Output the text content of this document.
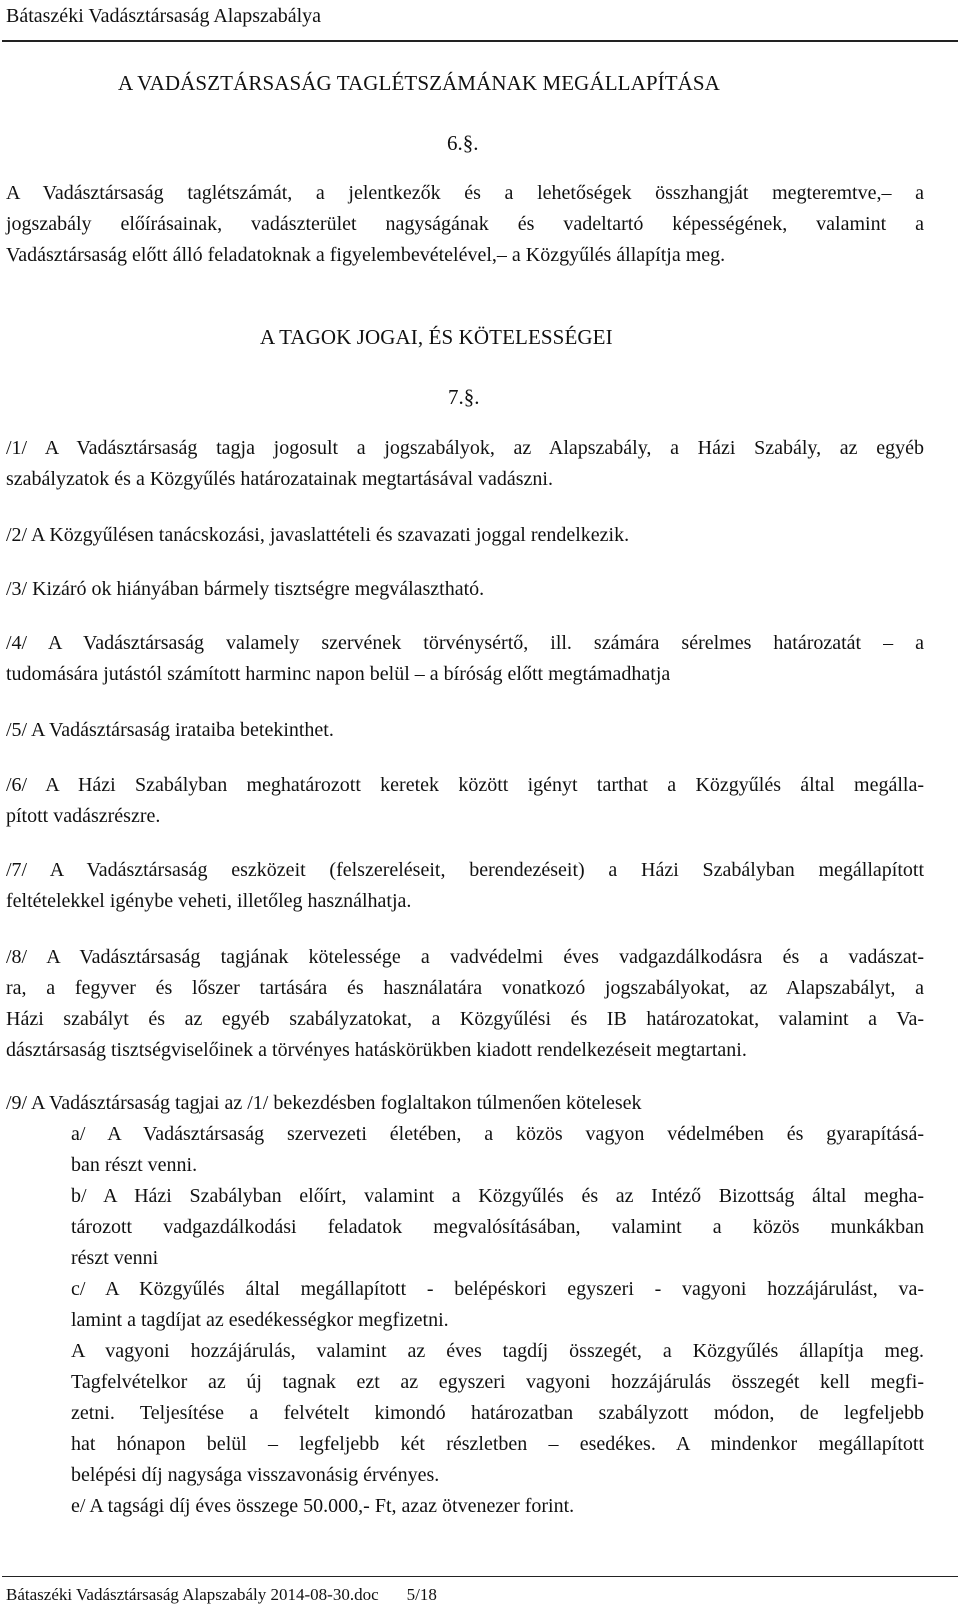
Bátaszéki Vadásztársaság Alapszabálya
A VADÁSZTÁRSASÁG TAGLÉTSZÁMÁNAK MEGÁLLAPÍTÁSA
6.§.
A Vadásztársaság taglétszámát, a jelentkezők és a lehetőségek összhangját megteremtve,– a
jogszabály előírásainak, vadászterület nagyságának és vadeltartó képességének, valamint a
Vadásztársaság előtt álló feladatoknak a figyelembevételével,– a Közgyűlés állapítja meg.
A TAGOK JOGAI, ÉS KÖTELESSÉGEI
7.§.
/1/ A Vadásztársaság tagja jogosult a jogszabályok, az Alapszabály, a Házi Szabály, az egyéb
szabályzatok és a Közgyűlés határozatainak megtartásával vadászni.
/2/ A Közgyűlésen tanácskozási, javaslattételi és szavazati joggal rendelkezik.
/3/ Kizáró ok hiányában bármely tisztségre megválasztható.
/4/ A Vadásztársaság valamely szervének törvénysértő, ill. számára sérelmes határozatát – a
tudomására jutástól számított harminc napon belül – a bíróság előtt megtámadhatja
/5/ A Vadásztársaság irataiba betekinthet.
/6/ A Házi Szabályban meghatározott keretek között igényt tarthat a Közgyűlés által megálla-
pított vadászrészre.
/7/ A Vadásztársaság eszközeit (felszereléseit, berendezéseit) a Házi Szabályban megállapított
feltételekkel igénybe veheti, illetőleg használhatja.
/8/ A Vadásztársaság tagjának kötelessége a vadvédelmi éves vadgazdálkodásra és a vadászat-
ra, a fegyver és lőszer tartására és használatára vonatkozó jogszabályokat, az Alapszabályt, a
Házi szabályt és az egyéb szabályzatokat, a Közgyűlési és IB határozatokat, valamint a Va-
dásztársaság tisztségviselőinek a törvényes hatáskörükben kiadott rendelkezéseit megtartani.
/9/ A Vadásztársaság tagjai az /1/ bekezdésben foglaltakon túlmenően kötelesek
a/ A Vadásztársaság szervezeti életében, a közös vagyon védelmében és gyarapításá-
ban részt venni.
b/ A Házi Szabályban előírt, valamint a Közgyűlés és az Intéző Bizottság által megha-
tározott vadgazdálkodási feladatok megvalósításában, valamint a közös munkákban
részt venni
c/ A Közgyűlés által megállapított - belépéskori egyszeri - vagyoni hozzájárulást, va-
lamint a tagdíjat az esedékességkor megfizetni.
A vagyoni hozzájárulás, valamint az éves tagdíj összegét, a Közgyűlés állapítja meg.
Tagfelvételkor az új tagnak ezt az egyszeri vagyoni hozzájárulás összegét kell megfi-
zetni. Teljesítése a felvételt kimondó határozatban szabályzott módon, de legfeljebb
hat hónapon belül – legfeljebb két részletben – esedékes. A mindenkor megállapított
belépési díj nagysága visszavonásig érvényes.
e/ A tagsági díj éves összege 50.000,- Ft, azaz ötvenezer forint.
Bátaszéki Vadásztársaság Alapszabály 2014-08-30.doc 5/18
